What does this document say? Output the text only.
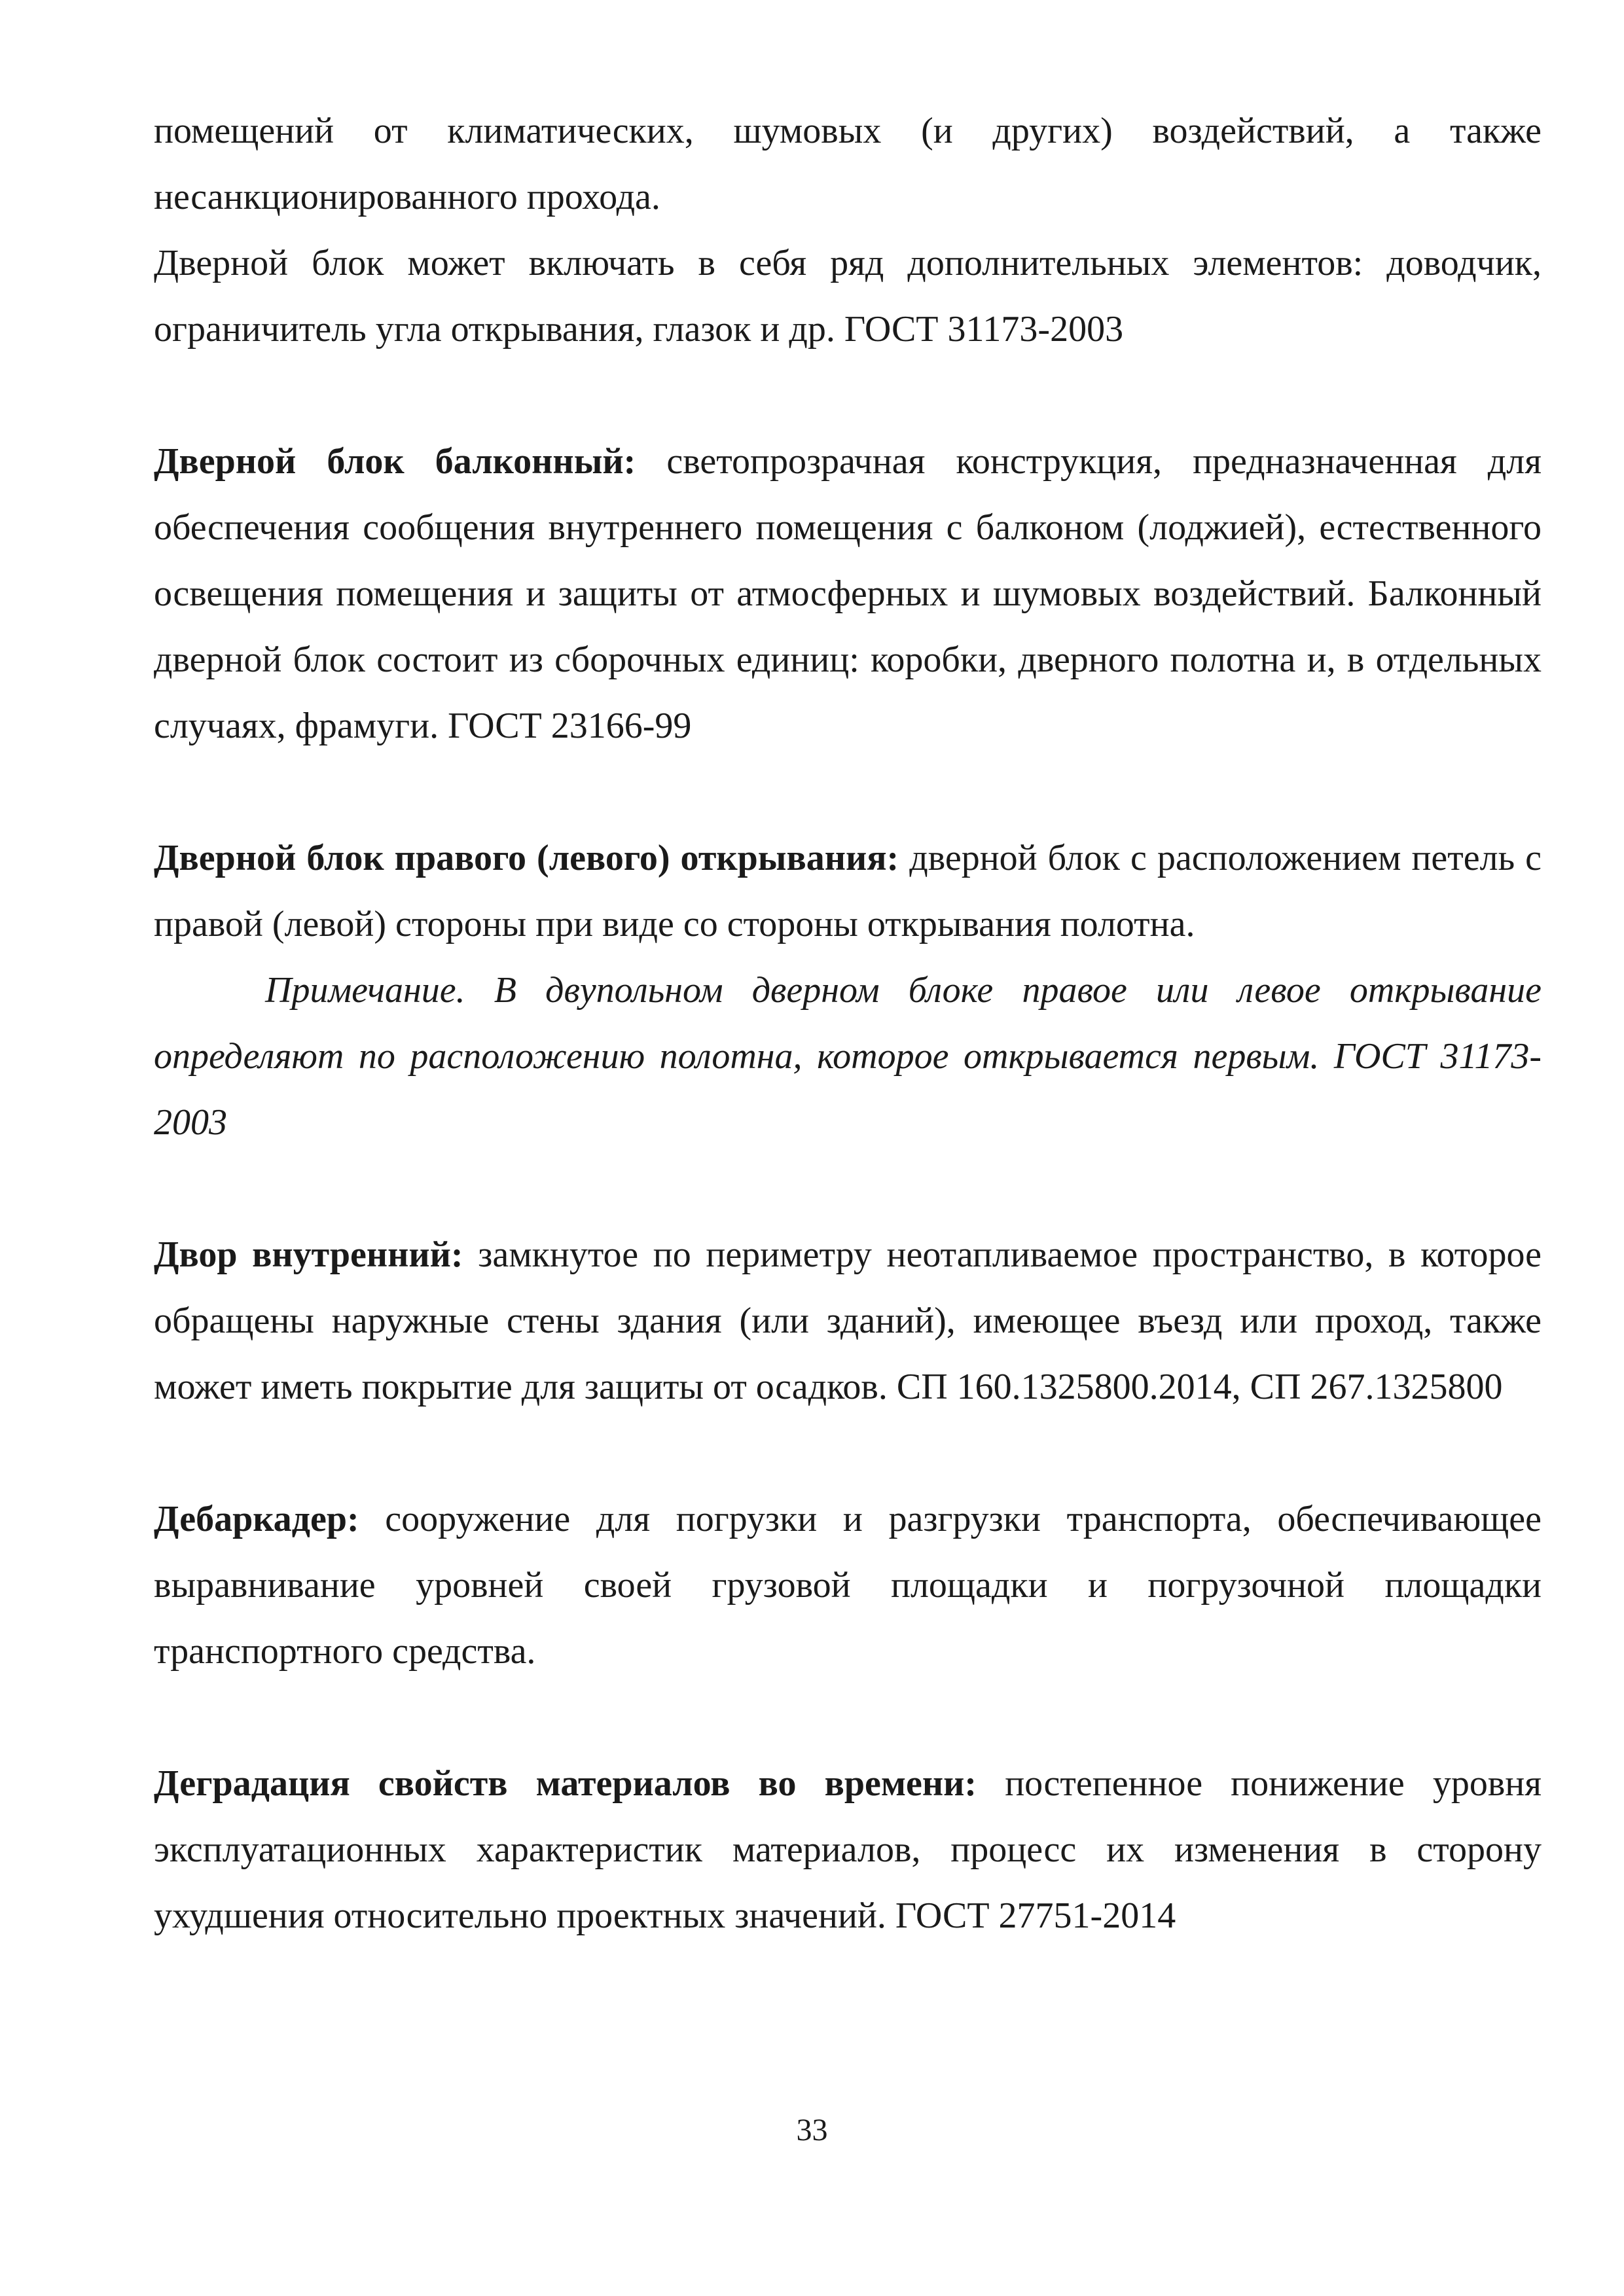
помещений от климатических, шумовых (и других) воздействий, а также несанкционированного прохода.

Дверной блок может включать в себя ряд дополнительных элементов: доводчик, ограничитель угла открывания, глазок и др. ГОСТ 31173-2003

Дверной блок балконный: светопрозрачная конструкция, предназначенная для обеспечения сообщения внутреннего помещения с балконом (лоджией), естественного освещения помещения и защиты от атмосферных и шумовых воздействий. Балконный дверной блок состоит из сборочных единиц: коробки, дверного полотна и, в отдельных случаях, фрамуги. ГОСТ 23166-99

Дверной блок правого (левого) открывания: дверной блок с расположением петель с правой (левой) стороны при виде со стороны открывания полотна.

Примечание. В двупольном дверном блоке правое или левое открывание определяют по расположению полотна, которое открывается первым. ГОСТ 31173-2003

Двор внутренний: замкнутое по периметру неотапливаемое пространство, в которое обращены наружные стены здания (или зданий), имеющее въезд или проход, также может иметь покрытие для защиты от осадков. СП 160.1325800.2014, СП 267.1325800

Дебаркадер: сооружение для погрузки и разгрузки транспорта, обеспечивающее выравнивание уровней своей грузовой площадки и погрузочной площадки транспортного средства.

Деградация свойств материалов во времени: постепенное понижение уровня эксплуатационных характеристик материалов, процесс их изменения в сторону ухудшения относительно проектных значений. ГОСТ 27751-2014

33
